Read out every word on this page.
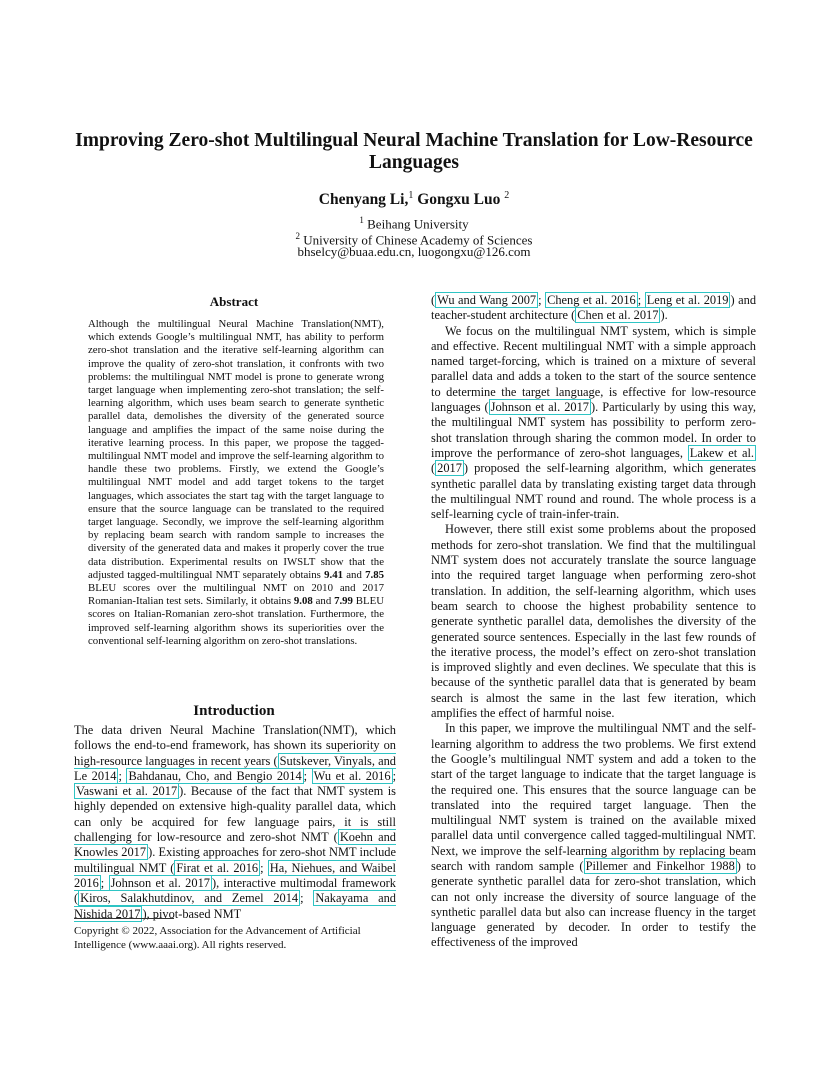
Improving Zero-shot Multilingual Neural Machine Translation for Low-Resource Languages
Chenyang Li,$^1$ Gongxu Luo $^2$
$^1$ Beihang University
$^2$ University of Chinese Academy of Sciences
bhselcy@buaa.edu.cn, luogongxu@126.com
Abstract
Although the multilingual Neural Machine Translation(NMT), which extends Google’s multilingual NMT, has ability to perform zero-shot translation and the iterative self-learning algorithm can improve the quality of zero-shot translation, it confronts with two problems: the multilingual NMT model is prone to generate wrong target language when implementing zero-shot translation; the self-learning algorithm, which uses beam search to generate synthetic parallel data, demolishes the diversity of the generated source language and amplifies the impact of the same noise during the iterative learning process. In this paper, we propose the tagged-multilingual NMT model and improve the self-learning algorithm to handle these two problems. Firstly, we extend the Google’s multilingual NMT model and add target tokens to the target languages, which associates the start tag with the target language to ensure that the source language can be translated to the required target language. Secondly, we improve the self-learning algorithm by replacing beam search with random sample to increases the diversity of the generated data and makes it properly cover the true data distribution. Experimental results on IWSLT show that the adjusted tagged-multilingual NMT separately obtains 9.41 and 7.85 BLEU scores over the multilingual NMT on 2010 and 2017 Romanian-Italian test sets. Similarly, it obtains 9.08 and 7.99 BLEU scores on Italian-Romanian zero-shot translation. Furthermore, the improved self-learning algorithm shows its superiorities over the conventional self-learning algorithm on zero-shot translations.
Introduction
The data driven Neural Machine Translation(NMT), which follows the end-to-end framework, has shown its superiority on high-resource languages in recent years ( Sutskever, Vinyals, and Le 2014 ; Bahdanau, Cho, and Bengio 2014 ; Wu et al. 2016 ; Vaswani et al. 2017 ). Because of the fact that NMT system is highly depended on extensive high-quality parallel data, which can only be acquired for few language pairs, it is still challenging for low-resource and zero-shot NMT ( Koehn and Knowles 2017 ). Existing approaches for zero-shot NMT include multilingual NMT ( Firat et al. 2016 ; Ha, Niehues, and Waibel 2016 ; Johnson et al. 2017 ), interactive multimodal framework ( Kiros, Salakhutdinov, and Zemel 2014 ; Nakayama and Nishida 2017 ), pivot-based NMT
Copyright © 2022, Association for the Advancement of Artificial Intelligence (www.aaai.org). All rights reserved.

( Wu and Wang 2007 ; Cheng et al. 2016 ; Leng et al. 2019 ) and teacher-student architecture ( Chen et al. 2017 ).

We focus on the multilingual NMT system, which is simple and effective. Recent multilingual NMT with a simple approach named target-forcing, which is trained on a mixture of several parallel data and adds a token to the start of the source sentence to determine the target language, is effective for low-resource languages ( Johnson et al. 2017 ). Particularly by using this way, the multilingual NMT system has possibility to perform zero-shot translation through sharing the common model. In order to improve the performance of zero-shot languages, Lakew et al. ( 2017 ) proposed the self-learning algorithm, which generates synthetic parallel data by translating existing target data through the multilingual NMT round and round. The whole process is a self-learning cycle of train-infer-train.

However, there still exist some problems about the proposed methods for zero-shot translation. We find that the multilingual NMT system does not accurately translate the source language into the required target language when performing zero-shot translation. In addition, the self-learning algorithm, which uses beam search to choose the highest probability sentence to generate synthetic parallel data, demolishes the diversity of the generated source sentences. Especially in the last few rounds of the iterative process, the model’s effect on zero-shot translation is improved slightly and even declines. We speculate that this is because of the synthetic parallel data that is generated by beam search is almost the same in the last few iteration, which amplifies the effect of harmful noise.

In this paper, we improve the multilingual NMT and the self-learning algorithm to address the two problems. We first extend the Google’s multilingual NMT system and add a token to the start of the target language to indicate that the target language is the required one. This ensures that the source language can be translated into the required target language. Then the multilingual NMT system is trained on the available mixed parallel data until convergence called tagged-multilingual NMT. Next, we improve the self-learning algorithm by replacing beam search with random sample ( Pillemer and Finkelhor 1988 ) to generate synthetic parallel data for zero-shot translation, which can not only increase the diversity of source language of the synthetic parallel data but also can increase fluency in the target language generated by decoder. In order to testify the effectiveness of the improved
